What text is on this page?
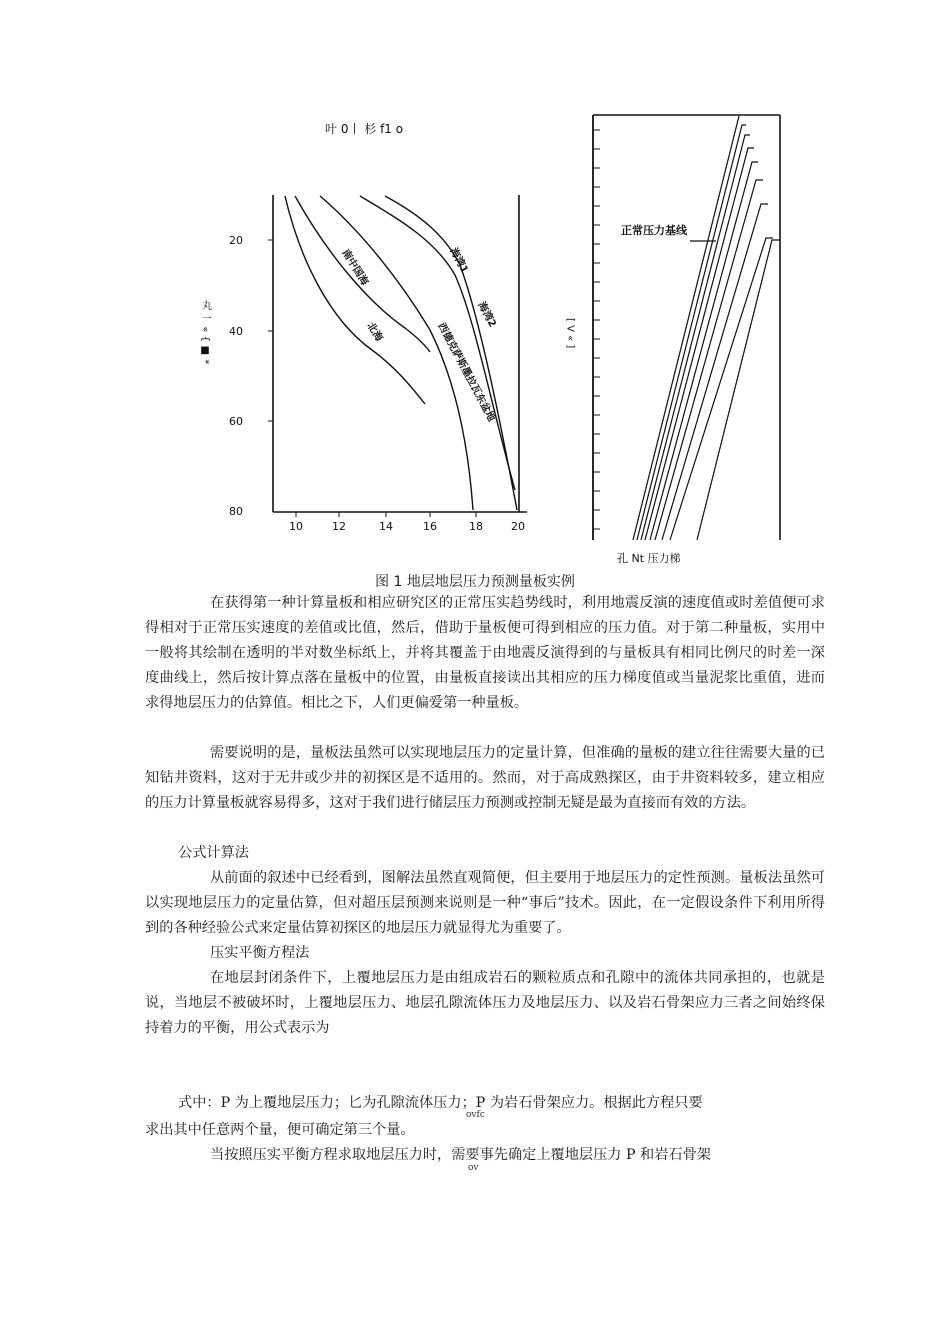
叶 0丨 杉 f1 o
20
40
60
80
10	12	14	16	18	20
丸 一 « { ■ *
南中国海
北海	西德克萨斯墨拉瓦东盆地
海湾1
海湾2
正常压力基线
[ V « ]
孔 Nt 压力梯
图 1 地层地层压力预测量板实例

在获得第一种计算量板和相应研究区的正常压实趋势线时，利用地震反演的速度值或时差值便可求得相对于正常压实速度的差值或比值，然后，借助于量板便可得到相应的压力值。对于第二种量板，实用中一般将其绘制在透明的半对数坐标纸上，并将其覆盖于由地震反演得到的与量板具有相同比例尺的时差一深度曲线上，然后按计算点落在量板中的位置，由量板直接读出其相应的压力梯度值或当量泥浆比重值，进而求得地层压力的估算值。相比之下，人们更偏爱第一种量板。

需要说明的是，量板法虽然可以实现地层压力的定量计算，但准确的量板的建立往往需要大量的已知钻井资料，这对于无井或少井的初探区是不适用的。然而，对于高成熟探区，由于井资料较多，建立相应的压力计算量板就容易得多，这对于我们进行储层压力预测或控制无疑是最为直接而有效的方法。

公式计算法

从前面的叙述中已经看到，图解法虽然直观简便，但主要用于地层压力的定性预测。量板法虽然可以实现地层压力的定量估算，但对超压层预测来说则是一种“事后”技术。因此，在一定假设条件下利用所得到的各种经验公式来定量估算初探区的地层压力就显得尤为重要了。

压实平衡方程法

在地层封闭条件下，上覆地层压力是由组成岩石的颗粒质点和孔隙中的流体共同承担的，也就是说，当地层不被破坏时，上覆地层压力、地层孔隙流体压力及地层压力、以及岩石骨架应力三者之间始终保持着力的平衡，用公式表示为

式中：P 为上覆地层压力；匕为孔隙流体压力；P 为岩石骨架应力。根据此方程只要

ovfc

求出其中任意两个量，便可确定第三个量。

当按照压实平衡方程求取地层压力时，需要事先确定上覆地层压力 P 和岩石骨架

ov
